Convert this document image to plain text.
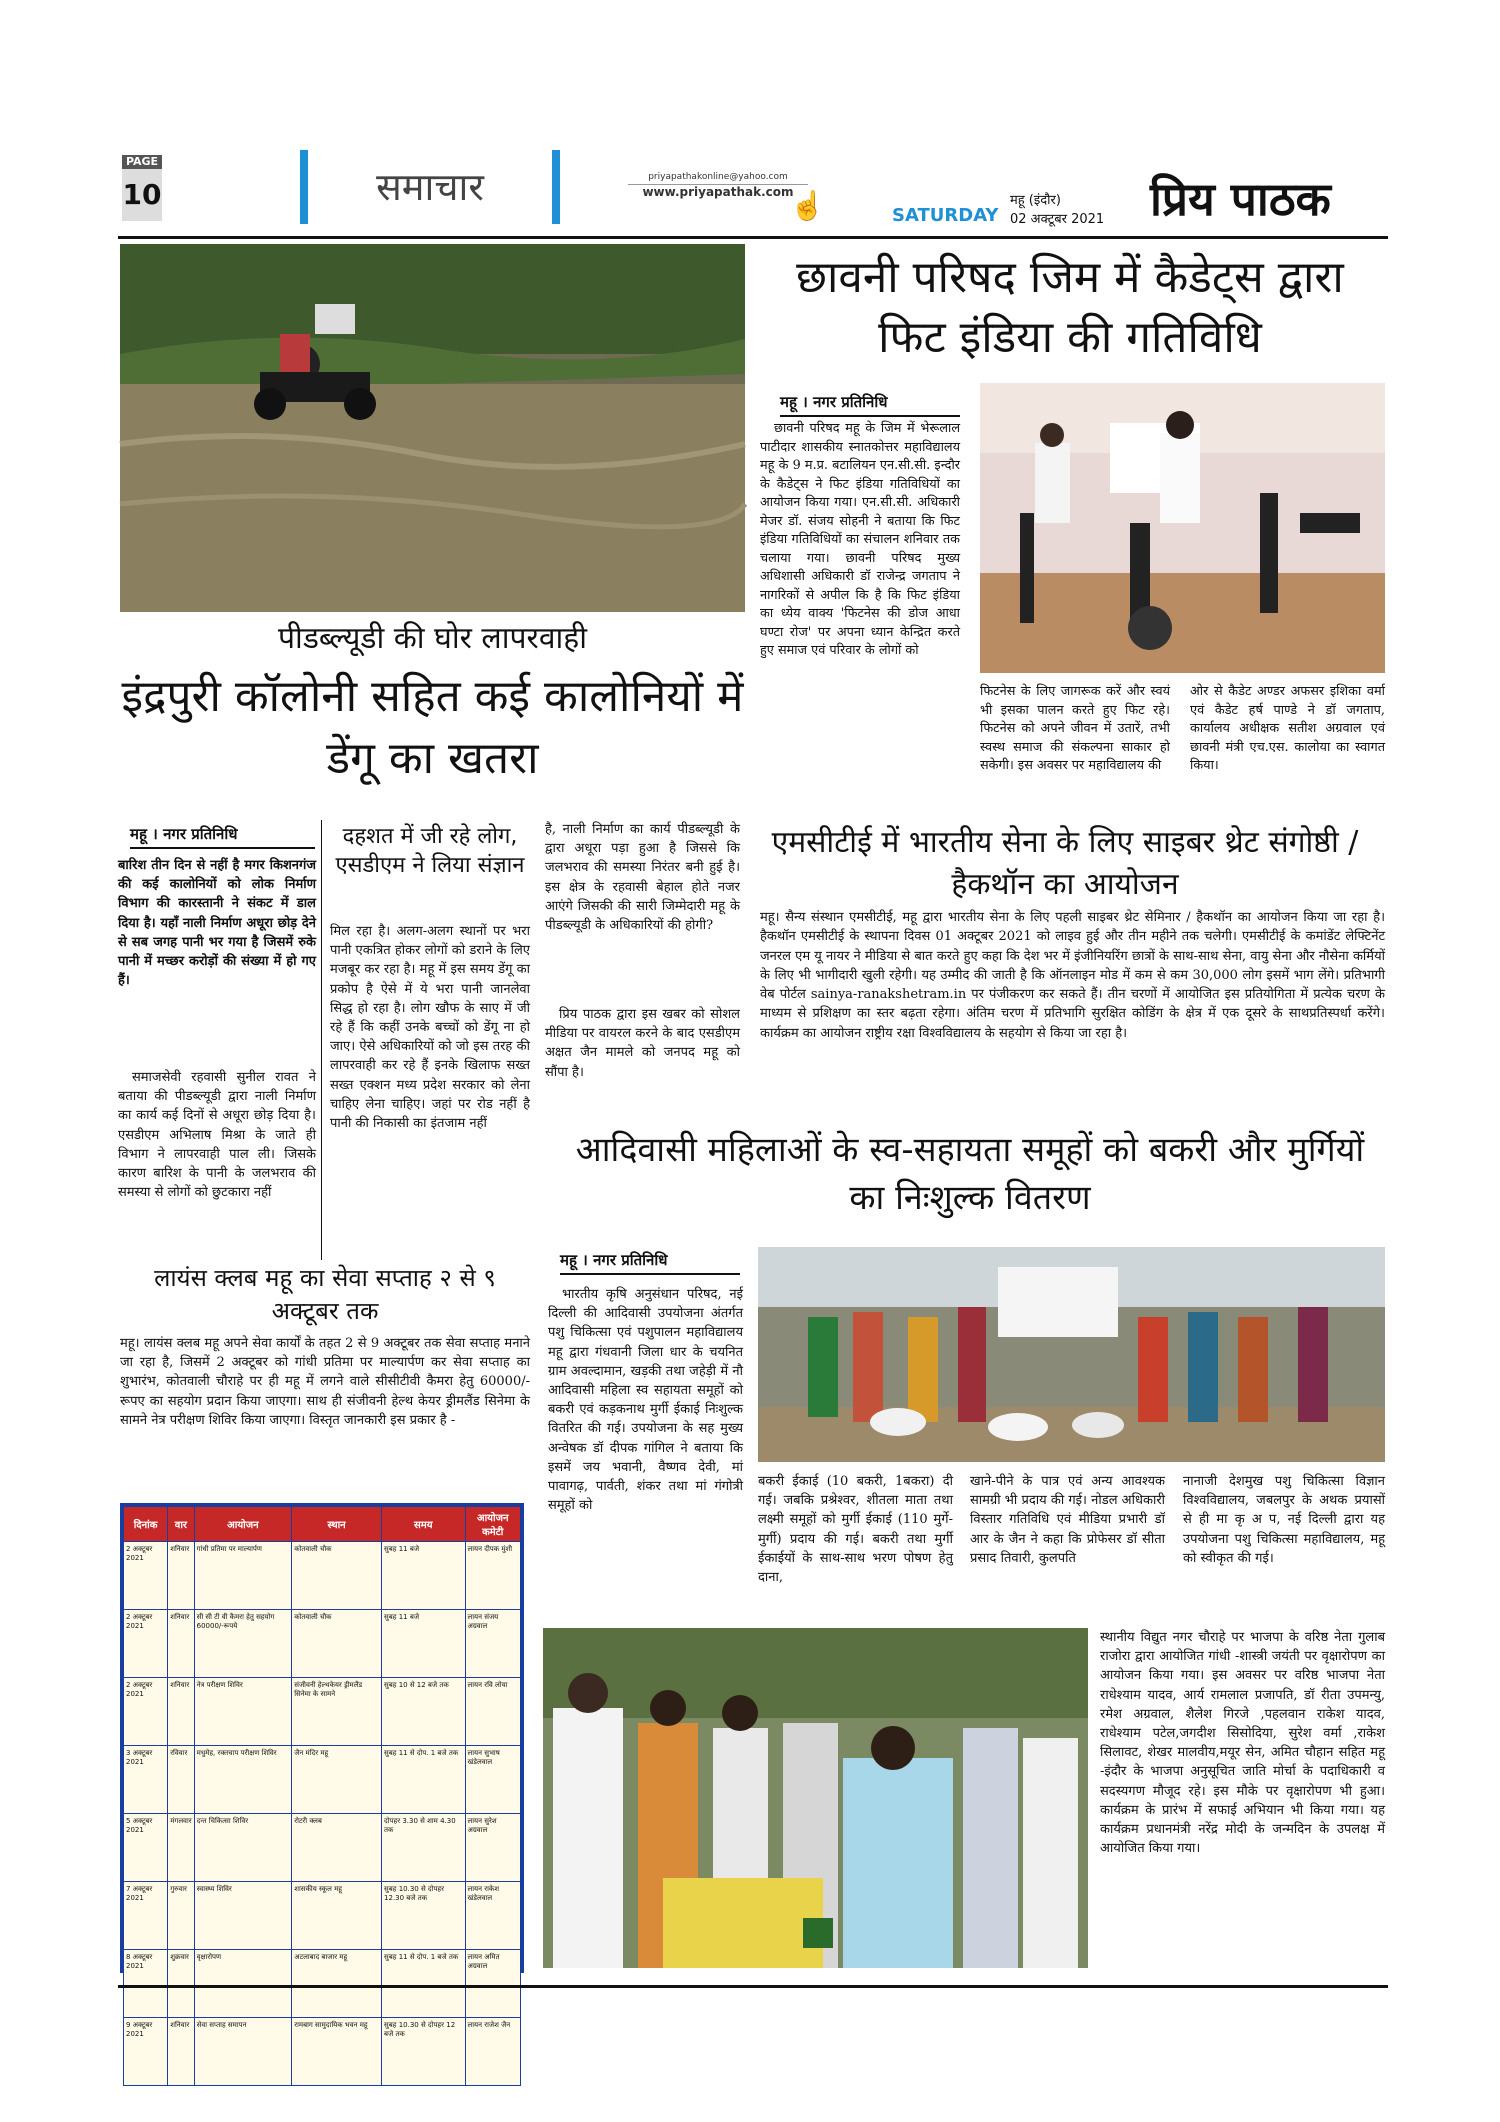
PAGE
10	समाचार	priyapathakonline@yahoo.com
www.priyapathak.com
☝	SATURDAY
महू (इंदौर)
02 अक्टूबर 2021 प्रिय पाठक
छावनी परिषद जिम में कैडेट्स द्वारा फिट इंडिया की गतिविधि
महू । नगर प्रतिनिधि
छावनी परिषद महू के जिम में भेरूलाल पाटीदार शासकीय स्नातकोत्तर महाविद्यालय महू के 9 म.प्र. बटालियन एन.सी.सी. इन्दौर के कैडेट्स ने फिट इंडिया गतिविधियों का आयोजन किया गया। एन.सी.सी. अधिकारी मेजर डॉ. संजय सोहनी ने बताया कि फिट इंडिया गतिविधियों का संचालन शनिवार तक चलाया गया। छावनी परिषद मुख्य अधिशासी अधिकारी डॉ राजेन्द्र जगताप ने नागरिकों से अपील कि है कि फिट इंडिया का ध्येय वाक्य 'फिटनेस की डोज आधा घण्टा रोज' पर अपना ध्यान केन्द्रित करते हुए समाज एवं परिवार के लोगों को
फिटनेस के लिए जागरूक करें और स्वयं भी इसका पालन करते हुए फिट रहे। फिटनेस को अपने जीवन में उतारें, तभी स्वस्थ समाज की संकल्पना साकार हो सकेगी। इस अवसर पर महाविद्यालय की
ओर से कैडेट अण्डर अफसर इशिका वर्मा एवं कैडेट हर्ष पाण्डे ने डॉ जगताप, कार्यालय अधीक्षक सतीश अग्रवाल एवं छावनी मंत्री एच.एस. कालोया का स्वागत किया।
पीडब्ल्यूडी की घोर लापरवाही
इंद्रपुरी कॉलोनी सहित कई कालोनियों में डेंगू का खतरा
महू । नगर प्रतिनिधि
बारिश तीन दिन से नहीं है मगर किशनगंज की कई कालोनियों को लोक निर्माण विभाग की कारस्तानी ने संकट में डाल दिया है। यहाँ नाली निर्माण अधूरा छोड़ देने से सब जगह पानी भर गया है जिसमें रुके पानी में मच्छर करोड़ों की संख्या में हो गए हैं।
समाजसेवी रहवासी सुनील रावत ने बताया की पीडब्ल्यूडी द्वारा नाली निर्माण का कार्य कई दिनों से अधूरा छोड़ दिया है। एसडीएम अभिलाष मिश्रा के जाते ही विभाग ने लापरवाही पाल ली। जिसके कारण बारिश के पानी के जलभराव की समस्या से लोगों को छुटकारा नहीं
दहशत में जी रहे लोग, एसडीएम ने लिया संज्ञान
मिल रहा है। अलग-अलग स्थानों पर भरा पानी एकत्रित होकर लोगों को डराने के लिए मजबूर कर रहा है। महू में इस समय डेंगू का प्रकोप है ऐसे में ये भरा पानी जानलेवा सिद्ध हो रहा है। लोग खौफ के साए में जी रहे हैं कि कहीं उनके बच्चों को डेंगू ना हो जाए। ऐसे अधिकारियों को जो इस तरह की लापरवाही कर रहे हैं इनके खिलाफ सख्त सख्त एक्शन मध्य प्रदेश सरकार को लेना चाहिए लेना चाहिए। जहां पर रोड नहीं है पानी की निकासी का इंतजाम नहीं
है, नाली निर्माण का कार्य पीडब्ल्यूडी के द्वारा अधूरा पड़ा हुआ है जिससे कि जलभराव की समस्या निरंतर बनी हुई है। इस क्षेत्र के रहवासी बेहाल होते नजर आएंगे जिसकी की सारी जिम्मेदारी महू के पीडब्ल्यूडी के अधिकारियों की होगी?
प्रिय पाठक द्वारा इस खबर को सोशल मीडिया पर वायरल करने के बाद एसडीएम अक्षत जैन मामले को जनपद महू को सौंपा है।
एमसीटीई में भारतीय सेना के लिए साइबर थ्रेट संगोष्ठी / हैकथॉन का आयोजन
महू। सैन्य संस्थान एमसीटीई, महू द्वारा भारतीय सेना के लिए पहली साइबर थ्रेट सेमिनार / हैकथॉन का आयोजन किया जा रहा है। हैकथॉन एमसीटीई के स्थापना दिवस 01 अक्टूबर 2021 को लाइव हुई और तीन महीने तक चलेगी। एमसीटीई के कमांडेंट लेफ्टिनेंट जनरल एम यू नायर ने मीडिया से बात करते हुए कहा कि देश भर में इंजीनियरिंग छात्रों के साथ-साथ सेना, वायु सेना और नौसेना कर्मियों के लिए भी भागीदारी खुली रहेगी। यह उम्मीद की जाती है कि ऑनलाइन मोड में कम से कम 30,000 लोग इसमें भाग लेंगे। प्रतिभागी वेब पोर्टल sainya-ranakshetram.in पर पंजीकरण कर सकते हैं। तीन चरणों में आयोजित इस प्रतियोगिता में प्रत्येक चरण के माध्यम से प्रशिक्षण का स्तर बढ़ता रहेगा। अंतिम चरण में प्रतिभागि सुरक्षित कोडिंग के क्षेत्र में एक दूसरे के साथप्रतिस्पर्धा करेंगे। कार्यक्रम का आयोजन राष्ट्रीय रक्षा विश्वविद्यालय के सहयोग से किया जा रहा है।
आदिवासी महिलाओं के स्व-सहायता समूहों को बकरी और मुर्गियों का निःशुल्क वितरण
महू । नगर प्रतिनिधि
भारतीय कृषि अनुसंधान परिषद, नई दिल्ली की आदिवासी उपयोजना अंतर्गत पशु चिकित्सा एवं पशुपालन महाविद्यालय महू द्वारा गंधवानी जिला धार के चयनित ग्राम अवल्दामान, खड़की तथा जहेड़ी में नौ आदिवासी महिला स्व सहायता समूहों को बकरी एवं कड़कनाथ मुर्गी ईकाई निःशुल्क वितरित की गई। उपयोजना के सह मुख्य अन्वेषक डॉ दीपक गांगिल ने बताया कि इसमें जय भवानी, वैष्णव देवी, मां पावागढ़, पार्वती, शंकर तथा मां गंगोत्री समूहों को
बकरी ईकाई (10 बकरी, 1बकरा) दी गई। जबकि प्रश्रेश्वर, शीतला माता तथा लक्ष्मी समूहों को मुर्गी ईकाई (110 मुर्गे-मुर्गी) प्रदाय की गई। बकरी तथा मुर्गी ईकाईयों के साथ-साथ भरण पोषण हेतु दाना,
खाने-पीने के पात्र एवं अन्य आवश्यक सामग्री भी प्रदाय की गई। नोडल अधिकारी विस्तार गतिविधि एवं मीडिया प्रभारी डॉ आर के जैन ने कहा कि प्रोफेसर डॉ सीता प्रसाद तिवारी, कुलपति
नानाजी देशमुख पशु चिकित्सा विज्ञान विश्वविद्यालय, जबलपुर के अथक प्रयासों से ही मा कृ अ प, नई दिल्ली द्वारा यह उपयोजना पशु चिकित्सा महाविद्यालय, महू को स्वीकृत की गई।
लायंस क्लब महू का सेवा सप्ताह २ से ९ अक्टूबर तक
महू। लायंस क्लब महू अपने सेवा कार्यों के तहत 2 से 9 अक्टूबर तक सेवा सप्ताह मनाने जा रहा है, जिसमें 2 अक्टूबर को गांधी प्रतिमा पर माल्यार्पण कर सेवा सप्ताह का शुभारंभ, कोतवाली चौराहे पर ही महू में लगने वाले सीसीटीवी कैमरा हेतु 60000/- रूपए का सहयोग प्रदान किया जाएगा। साथ ही संजीवनी हेल्थ केयर ड्रीमलैंड सिनेमा के सामने नेत्र परीक्षण शिविर किया जाएगा। विस्तृत जानकारी इस प्रकार है -
दिनांक	वार	आयोजन	स्थान	समय	आयोजन कमेटी
2 अक्टूबर 2021	शनिवार	गांधी प्रतिमा पर माल्यार्पण	कोतवाली चौक	सुबह 11 बजे	लायन दीपक मुंशी
2 अक्टूबर 2021	शनिवार	सी सी टी वी कैमरा हेतु सहयोग 60000/-रूपये	कोतवाली चौक	सुबह 11 बजे	लायन संजय अग्रवाल
2 अक्टूबर 2021	शनिवार	नेत्र परीक्षण शिविर	संजीवनी हेल्थकेयर ड्रीमलैंड सिनेमा के सामने	सुबह 10 से 12 बजे तक	लायन रवि लोया
3 अक्टूबर 2021	रविवार	मधुमेह, रक्तचाप परीक्षण शिविर	जैन मंदिर महू	सुबह 11 से दोप. 1 बजे तक	लायन सुभाष खंडेलवाल
5 अक्टूबर 2021	मंगलवार	दन्त चिकित्सा शिविर	रोटरी क्लब	दोपहर 3.30 से शाम 4.30 तक	लायन सुरेश अग्रवाल
7 अक्टूबर 2021	गुरुवार	स्वास्थ्य शिविर	शासकीय स्कूल महू	सुबह 10.30 से दोपहर 12.30 बजे तक	लायन राकेश खंडेलवाल
8 अक्टूबर 2021	शुक्रवार	वृक्षारोपण	अटलाबाद बाजार महू	सुबह 11 से दोप. 1 बजे तक	लायन अमित अग्रवाल
9 अक्टूबर 2021	शनिवार	सेवा सप्ताह समापन	रामबाग सामुदायिक भवन महू	सुबह 10.30 से दोपहर 12 बजे तक	लायन राजेश जैन
स्थानीय विद्युत नगर चौराहे पर भाजपा के वरिष्ठ नेता गुलाब राजोरा द्वारा आयोजित गांधी -शास्त्री जयंती पर वृक्षारोपण का आयोजन किया गया। इस अवसर पर वरिष्ठ भाजपा नेता राधेश्याम यादव, आर्य रामलाल प्रजापति, डॉ रीता उपमन्यु, रमेश अग्रवाल, शैलेश गिरजे ,पहलवान राकेश यादव, राधेश्याम पटेल,जगदीश सिसोदिया, सुरेश वर्मा ,राकेश सिलावट, शेखर मालवीय,मयूर सेन, अमित चौहान सहित महू -इंदौर के भाजपा अनुसूचित जाति मोर्चा के पदाधिकारी व सदस्यगण मौजूद रहे। इस मौके पर वृक्षारोपण भी हुआ। कार्यक्रम के प्रारंभ में सफाई अभियान भी किया गया। यह कार्यक्रम प्रधानमंत्री नरेंद्र मोदी के जन्मदिन के उपलक्ष में आयोजित किया गया।
